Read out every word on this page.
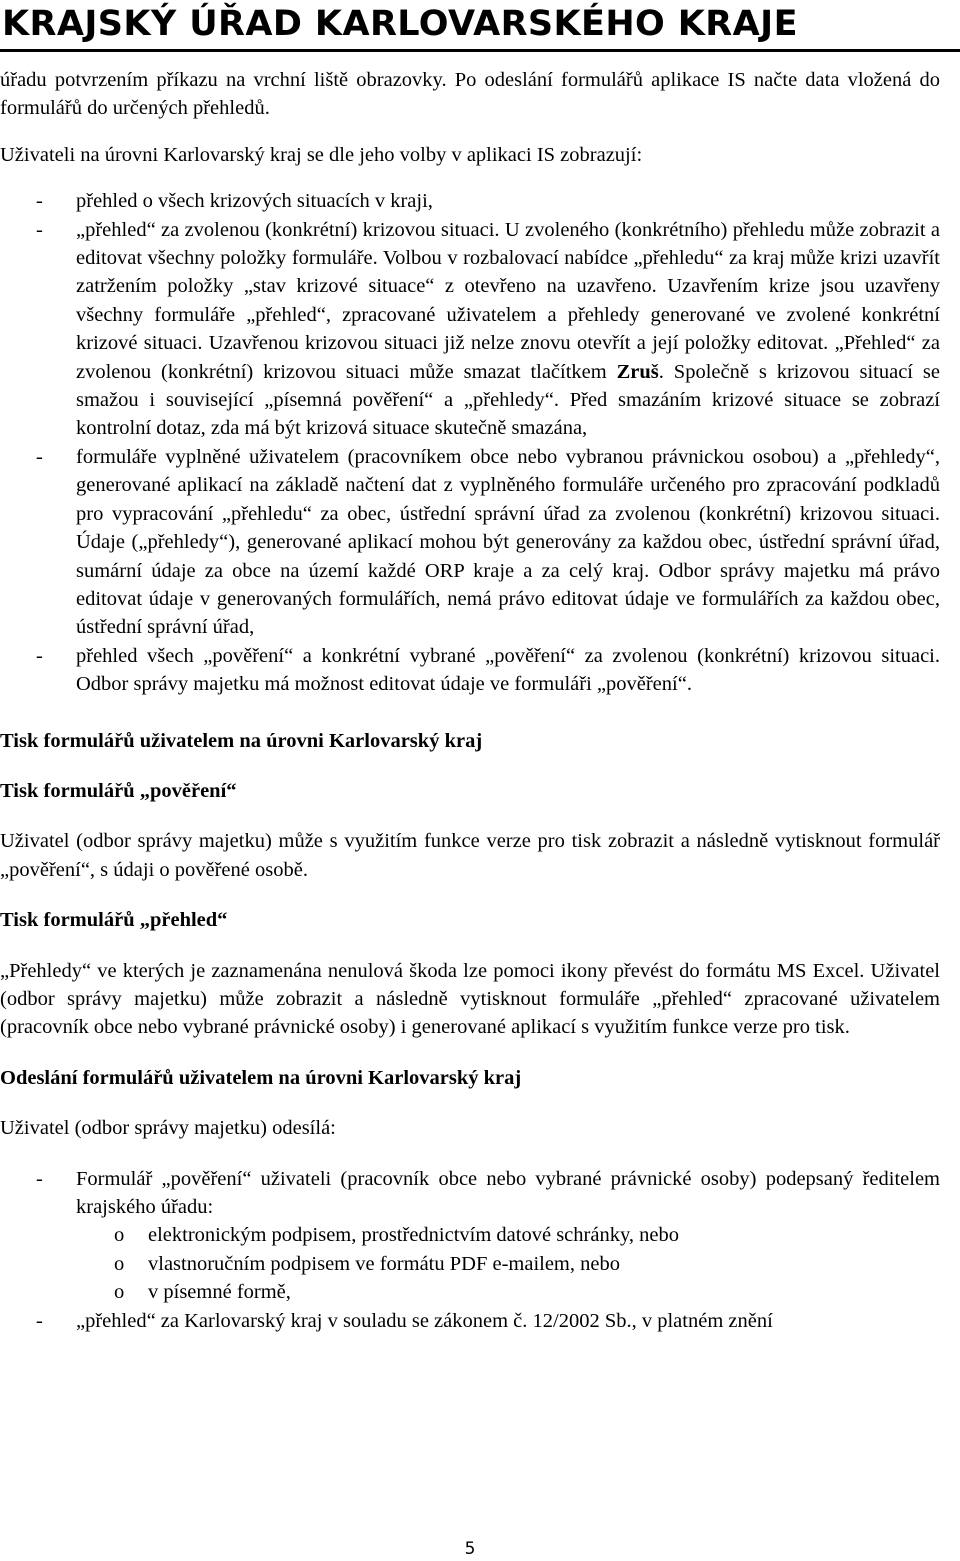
KRAJSKÝ ÚŘAD KARLOVARSKÉHO KRAJE

úřadu potvrzením příkazu na vrchní liště obrazovky. Po odeslání formulářů aplikace IS načte data vložená do formulářů do určených přehledů.

Uživateli na úrovni Karlovarský kraj se dle jeho volby v aplikaci IS zobrazují:

- přehled o všech krizových situacích v kraji,
- „přehled“ za zvolenou (konkrétní) krizovou situaci. U zvoleného (konkrétního) přehledu může zobrazit a editovat všechny položky formuláře. Volbou v rozbalovací nabídce „přehledu“ za kraj může krizi uzavřít zatržením položky „stav krizové situace“ z otevřeno na uzavřeno. Uzavřením krize jsou uzavřeny všechny formuláře „přehled“, zpracované uživatelem a přehledy generované ve zvolené konkrétní krizové situaci. Uzavřenou krizovou situaci již nelze znovu otevřít a její položky editovat. „Přehled“ za zvolenou (konkrétní) krizovou situaci může smazat tlačítkem Zruš. Společně s krizovou situací se smažou i související „písemná pověření“ a „přehledy“. Před smazáním krizové situace se zobrazí kontrolní dotaz, zda má být krizová situace skutečně smazána,
- formuláře vyplněné uživatelem (pracovníkem obce nebo vybranou právnickou osobou) a „přehledy“, generované aplikací na základě načtení dat z vyplněného formuláře určeného pro zpracování podkladů pro vypracování „přehledu“ za obec, ústřední správní úřad za zvolenou (konkrétní) krizovou situaci. Údaje („přehledy“), generované aplikací mohou být generovány za každou obec, ústřední správní úřad, sumární údaje za obce na území každé ORP kraje a za celý kraj. Odbor správy majetku má právo editovat údaje v generovaných formulářích, nemá právo editovat údaje ve formulářích za každou obec, ústřední správní úřad,
- přehled všech „pověření“ a konkrétní vybrané „pověření“ za zvolenou (konkrétní) krizovou situaci. Odbor správy majetku má možnost editovat údaje ve formuláři „pověření“.
Tisk formulářů uživatelem na úrovni Karlovarský kraj
Tisk formulářů „pověření“

Uživatel (odbor správy majetku) může s využitím funkce verze pro tisk zobrazit a následně vytisknout formulář „pověření“, s údaji o pověřené osobě.

Tisk formulářů „přehled“

„Přehledy“ ve kterých je zaznamenána nenulová škoda lze pomoci ikony převést do formátu MS Excel. Uživatel (odbor správy majetku) může zobrazit a následně vytisknout formuláře „přehled“ zpracované uživatelem (pracovník obce nebo vybrané právnické osoby) i generované aplikací s využitím funkce verze pro tisk.

Odeslání formulářů uživatelem na úrovni Karlovarský kraj

Uživatel (odbor správy majetku) odesílá:

- Formulář „pověření“ uživateli (pracovník obce nebo vybrané právnické osoby) podepsaný ředitelem krajského úřadu:
o elektronickým podpisem, prostřednictvím datové schránky, nebo
o vlastnoručním podpisem ve formátu PDF e-mailem, nebo
o v písemné formě,
- „přehled“ za Karlovarský kraj v souladu se zákonem č. 12/2002 Sb., v platném znění
5
